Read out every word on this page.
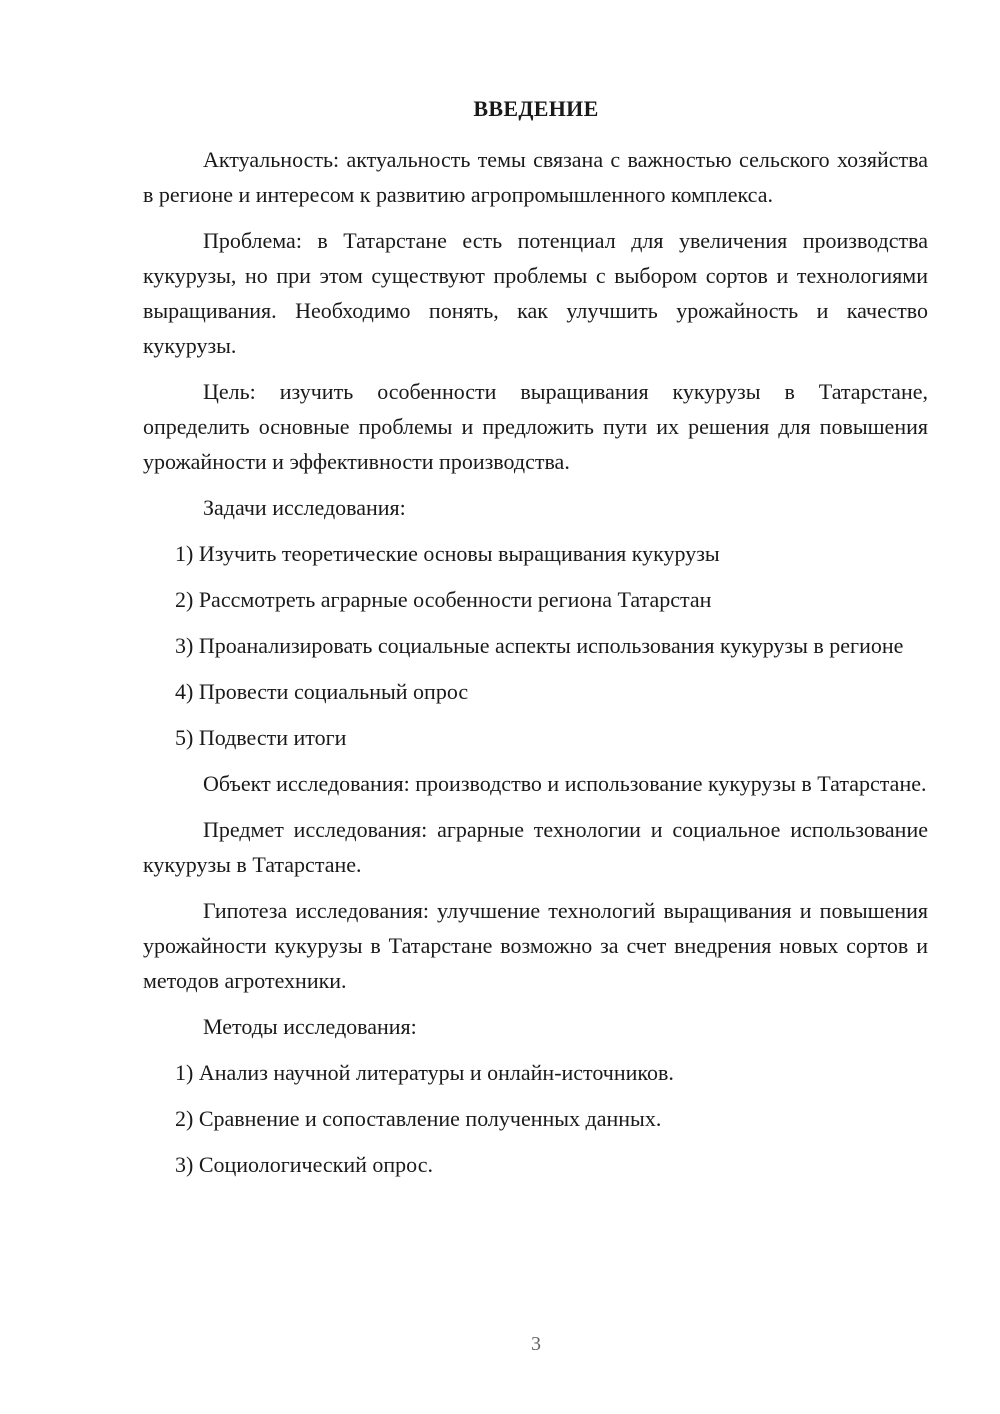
ВВЕДЕНИЕ

Актуальность: актуальность темы связана с важностью сельского хозяйства в регионе и интересом к развитию агропромышленного комплекса.

Проблема: в Татарстане есть потенциал для увеличения производства кукурузы, но при этом существуют проблемы с выбором сортов и технологиями выращивания. Необходимо понять, как улучшить урожайность и качество кукурузы.

Цель: изучить особенности выращивания кукурузы в Татарстане, определить основные проблемы и предложить пути их решения для повышения урожайности и эффективности производства.

Задачи исследования:

1) Изучить теоретические основы выращивания кукурузы

2) Рассмотреть аграрные особенности региона Татарстан

3) Проанализировать социальные аспекты использования кукурузы в регионе

4) Провести социальный опрос

5) Подвести итоги

Объект исследования: производство и использование кукурузы в Татарстане.

Предмет исследования: аграрные технологии и социальное использование кукурузы в Татарстане.

Гипотеза исследования: улучшение технологий выращивания и повышения урожайности кукурузы в Татарстане возможно за счет внедрения новых сортов и методов агротехники.

Методы исследования:

1) Анализ научной литературы и онлайн-источников.

2) Сравнение и сопоставление полученных данных.

3) Социологический опрос.

3
